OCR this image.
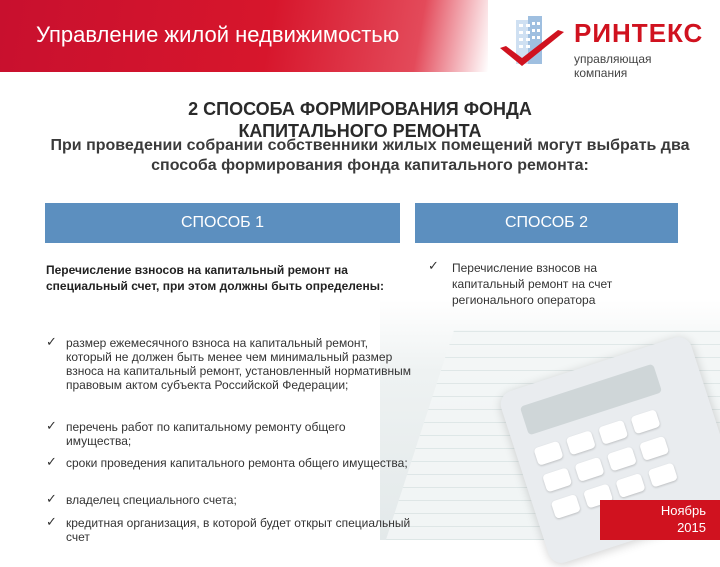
Управление жилой недвижимостью	РИНТЕКС
управляющая компания
2 СПОСОБА ФОРМИРОВАНИЯ ФОНДА
КАПИТАЛЬНОГО РЕМОНТА
При проведении собрании собственники жилых помещений могут выбрать два способа формирования фонда капитального ремонта:
СПОСОБ 1	СПОСОБ 2
Перечисление взносов на капитальный ремонт на специальный счет, при этом должны быть определены:
✓ Перечисление взносов на капитальный ремонт на счет регионального оператора
✓ размер ежемесячного взноса на капитальный ремонт, который не должен быть менее чем минимальный размер взноса на капитальный ремонт, установленный нормативным правовым актом субъекта Российской Федерации;
✓ перечень работ по капитальному ремонту общего имущества;
✓ сроки проведения капитального ремонта общего имущества;
✓ владелец специального счета;
✓ кредитная организация, в которой будет открыт специальный счет
Ноябрь
2015
